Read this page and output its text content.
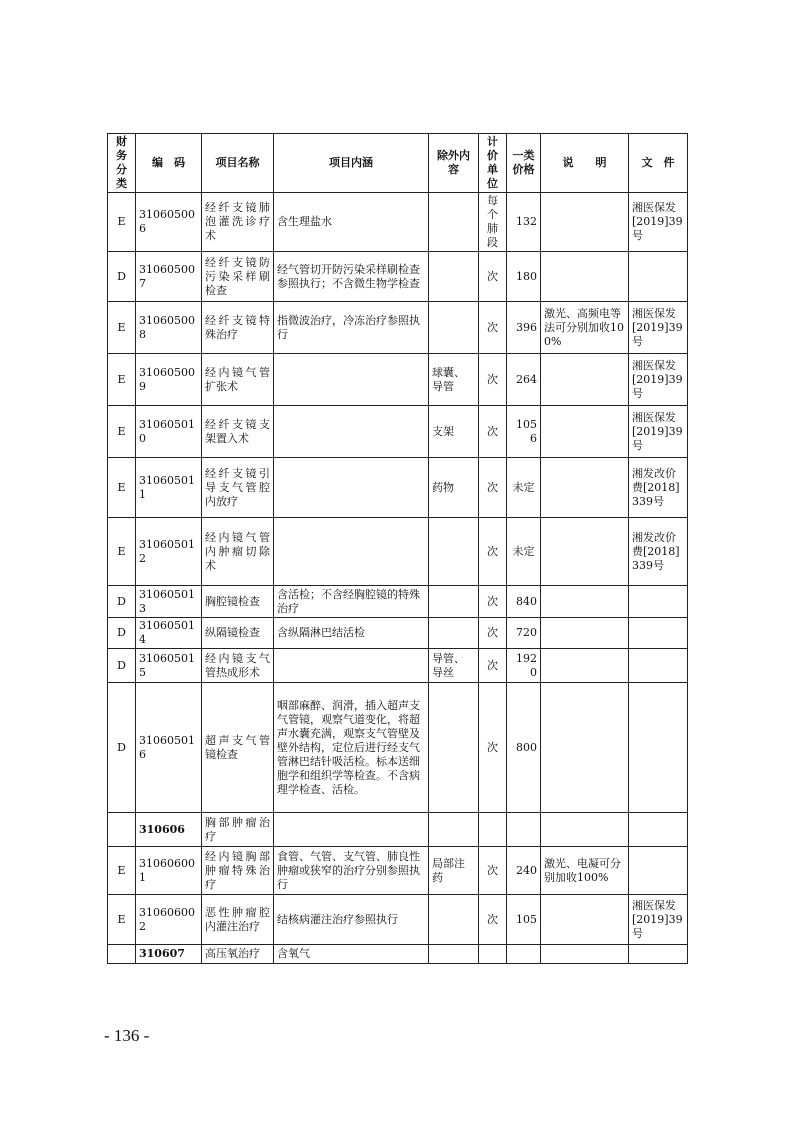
财务分类	编　码	项目名称	项目内涵	除外内容	计价单位	一类价格	说　　明	文　件
E	310605006	经纤支镜肺泡灌洗诊疗术	含生理盐水		每个肺段	132		湘医保发[2019]39号
D	310605007	经纤支镜防污染采样刷检查	经气管切开防污染采样刷检查参照执行；不含微生物学检查		次	180		
E	310605008	经纤支镜特殊治疗	指微波治疗，冷冻治疗参照执行		次	396	激光、高频电等法可分别加收100%	湘医保发[2019]39号
E	310605009	经内镜气管扩张术		球囊、导管	次	264		湘医保发[2019]39号
E	310605010	经纤支镜支架置入术		支架	次	1056		湘医保发[2019]39号
E	310605011	经纤支镜引导支气管腔内放疗		药物	次	未定		湘发改价费[2018]339号
E	310605012	经内镜气管内肿瘤切除术			次	未定		湘发改价费[2018]339号
D	310605013	胸腔镜检查	含活检；不含经胸腔镜的特殊治疗		次	840		
D	310605014	纵隔镜检查	含纵隔淋巴结活检		次	720		
D	310605015	经内镜支气管热成形术		导管、导丝	次	1920		
D	310605016	超声支气管镜检查	咽部麻醉、润滑，插入超声支气管镜，观察气道变化，将超声水囊充满，观察支气管壁及壁外结构，定位后进行经支气管淋巴结针吸活检。标本送细胞学和组织学等检查。不含病理学检查、活检。		次	800		
	310606	胸部肿瘤治疗						
E	310606001	经内镜胸部肿瘤特殊治疗	食管、气管、支气管、肺良性肿瘤或狭窄的治疗分别参照执行	局部注药	次	240	激光、电凝可分别加收100%	
E	310606002	恶性肿瘤腔内灌注治疗	结核病灌注治疗参照执行		次	105		湘医保发[2019]39号
	310607	高压氧治疗	含氧气					
- 136 -
